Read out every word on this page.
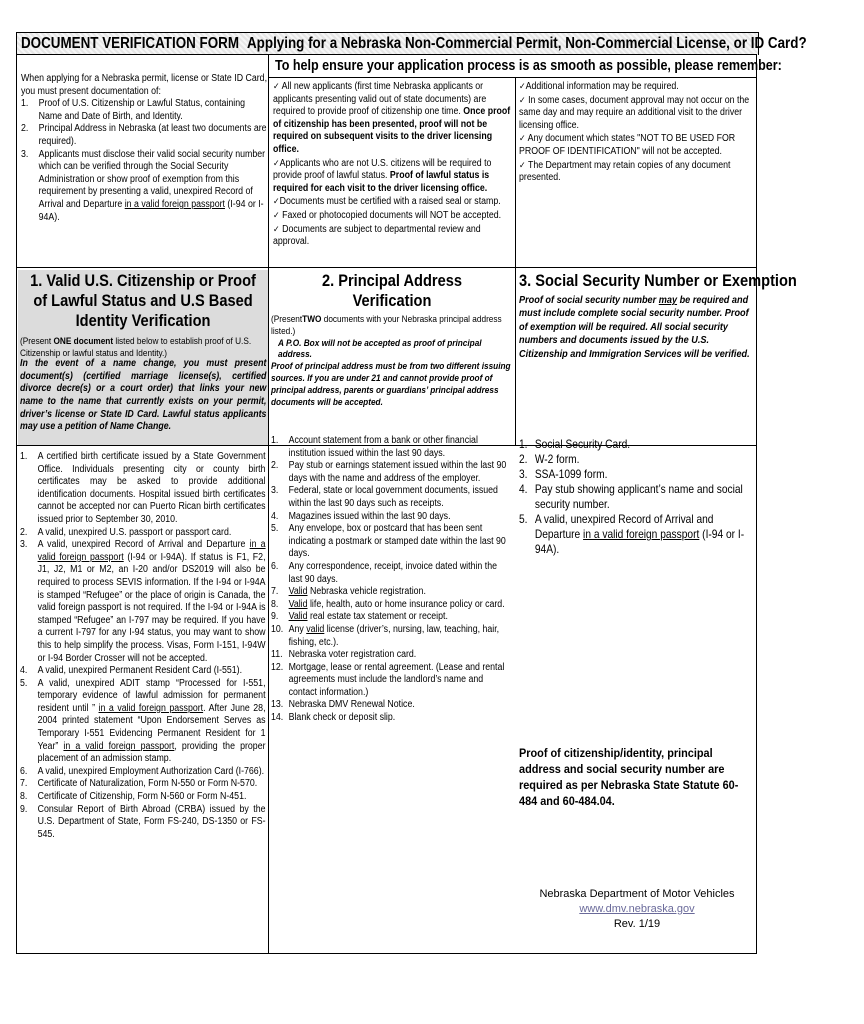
DOCUMENT VERIFICATION FORM Applying for a Nebraska Non-Commercial Permit, Non-Commercial License, or ID Card?
To help ensure your application process is as smooth as possible, please remember:

When applying for a Nebraska permit, license or State ID Card, you must present documentation of:

1. Proof of U.S. Citizenship or Lawful Status, containing Name and Date of Birth, and Identity.
2. Principal Address in Nebraska (at least two documents are required).
3. Applicants must disclose their valid social security number which can be verified through the Social Security Administration or show proof of exemption from this requirement by presenting a valid, unexpired Record of Arrival and Departure in a valid foreign passport (I-94 or I-94A).

✓ All new applicants (first time Nebraska applicants or applicants presenting valid out of state documents) are required to provide proof of citizenship one time. Once proof of citizenship has been presented, proof will not be required on subsequent visits to the driver licensing office.

✓Applicants who are not U.S. citizens will be required to provide proof of lawful status. Proof of lawful status is required for each visit to the driver licensing office.

✓Documents must be certified with a raised seal or stamp.

✓ Faxed or photocopied documents will NOT be accepted.

✓ Documents are subject to departmental review and approval.

✓Additional information may be required.

✓ In some cases, document approval may not occur on the same day and may require an additional visit to the driver licensing office.

✓ Any document which states "NOT TO BE USED FOR PROOF OF IDENTIFICATION" will not be accepted.

✓ The Department may retain copies of any document presented.

1. Valid U.S. Citizenship or Proof of Lawful Status and U.S Based Identity Verification

(Present ONE document listed below to establish proof of U.S. Citizenship or lawful status and Identity.)

In the event of a name change, you must present document(s) (certified marriage license(s), certified divorce decre(s) or a court order) that links your new name to the name that currently exists on your permit, driver’s license or State ID Card. Lawful status applicants may use a petition of Name Change.

2. Principal Address Verification

(PresentTWO documents with your Nebraska principal address listed.)

A P.O. Box will not be accepted as proof of principal address.

Proof of principal address must be from two different issuing sources. If you are under 21 and cannot provide proof of principal address, parents or guardians’ principal address documents will be accepted.

3. Social Security Number or Exemption

Proof of social security number may be required and must include complete social security number. Proof of exemption will be required. All social security numbers and documents issued by the U.S. Citizenship and Immigration Services will be verified.

1. A certified birth certificate issued by a State Government Office. Individuals presenting city or county birth certificates may be asked to provide additional identification documents. Hospital issued birth certificates cannot be accepted nor can Puerto Rican birth certificates issued prior to September 30, 2010.
2. A valid, unexpired U.S. passport or passport card.
3. A valid, unexpired Record of Arrival and Departure in a valid foreign passport (I-94 or I-94A). If status is F1, F2, J1, J2, M1 or M2, an I-20 and/or DS2019 will also be required to process SEVIS information. If the I-94 or I-94A is stamped “Refugee” or the place of origin is Canada, the valid foreign passport is not required. If the I-94 or I-94A is stamped “Refugee” an I-797 may be required. If you have a current I-797 for any I-94 status, you may want to show this to help simplify the process. Visas, Form I-151, I-94W or I-94 Border Crosser will not be accepted.
4. A valid, unexpired Permanent Resident Card (I-551).
5. A valid, unexpired ADIT stamp “Processed for I-551, temporary evidence of lawful admission for permanent resident until ” in a valid foreign passport. After June 28, 2004 printed statement “Upon Endorsement Serves as Temporary I-551 Evidencing Permanent Resident for 1 Year” in a valid foreign passport, providing the proper placement of an admission stamp.
6. A valid, unexpired Employment Authorization Card (I-766).
7. Certificate of Naturalization, Form N-550 or Form N-570.
8. Certificate of Citizenship, Form N-560 or Form N-451.
9. Consular Report of Birth Abroad (CRBA) issued by the U.S. Department of State, Form FS-240, DS-1350 or FS-545.
1. Account statement from a bank or other financial institution issued within the last 90 days.
2. Pay stub or earnings statement issued within the last 90 days with the name and address of the employer.
3. Federal, state or local government documents, issued within the last 90 days such as receipts.
4. Magazines issued within the last 90 days.
5. Any envelope, box or postcard that has been sent indicating a postmark or stamped date within the last 90 days.
6. Any correspondence, receipt, invoice dated within the last 90 days.
7. Valid Nebraska vehicle registration.
8. Valid life, health, auto or home insurance policy or card.
9. Valid real estate tax statement or receipt.
10. Any valid license (driver’s, nursing, law, teaching, hair, fishing, etc.).
11. Nebraska voter registration card.
12. Mortgage, lease or rental agreement. (Lease and rental agreements must include the landlord’s name and contact information.)
13. Nebraska DMV Renewal Notice.
14. Blank check or deposit slip.
1. Social Security Card.
2. W-2 form.
3. SSA-1099 form.
4. Pay stub showing applicant’s name and social security number.
5. A valid, unexpired Record of Arrival and Departure in a valid foreign passport (I-94 or I-94A).
Proof of citizenship/identity, principal address and social security number are required as per Nebraska State Statute 60-484 and 60-484.04.
Nebraska Department of Motor Vehicles
www.dmv.nebraska.gov
Rev. 1/19
